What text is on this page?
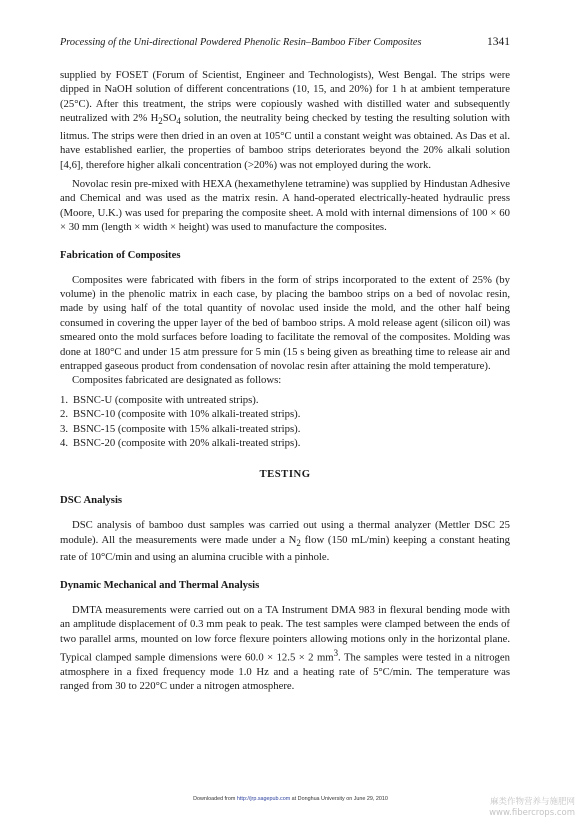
Processing of the Uni-directional Powdered Phenolic Resin–Bamboo Fiber Composites	1341

supplied by FOSET (Forum of Scientist, Engineer and Technologists), West Bengal. The strips were dipped in NaOH solution of different concentrations (10, 15, and 20%) for 1 h at ambient temperature (25°C). After this treatment, the strips were copiously washed with distilled water and subsequently neutralized with 2% $H_2SO_4$ solution, the neutrality being checked by testing the resulting solution with litmus. The strips were then dried in an oven at 105°C until a constant weight was obtained. As Das et al. have established earlier, the properties of bamboo strips deteriorates beyond the 20% alkali solution [4,6], therefore higher alkali concentration (>20%) was not employed during the work.

Novolac resin pre-mixed with HEXA (hexamethylene tetramine) was supplied by Hindustan Adhesive and Chemical and was used as the matrix resin. A hand-operated electrically-heated hydraulic press (Moore, U.K.) was used for preparing the composite sheet. A mold with internal dimensions of 100 × 60 × 30 mm (length × width × height) was used to manufacture the composites.

Fabrication of Composites

Composites were fabricated with fibers in the form of strips incorporated to the extent of 25% (by volume) in the phenolic matrix in each case, by placing the bamboo strips on a bed of novolac resin, made by using half of the total quantity of novolac used inside the mold, and the other half being consumed in covering the upper layer of the bed of bamboo strips. A mold release agent (silicon oil) was smeared onto the mold surfaces before loading to facilitate the removal of the composites. Molding was done at 180°C and under 15 atm pressure for 5 min (15 s being given as breathing time to release air and entrapped gaseous product from condensation of novolac resin after attaining the mold temperature).

Composites fabricated are designated as follows:

1. BSNC-U (composite with untreated strips).
2. BSNC-10 (composite with 10% alkali-treated strips).
3. BSNC-15 (composite with 15% alkali-treated strips).
4. BSNC-20 (composite with 20% alkali-treated strips).
TESTING
DSC Analysis

DSC analysis of bamboo dust samples was carried out using a thermal analyzer (Mettler DSC 25 module). All the measurements were made under a $N_2$ flow (150 mL/min) keeping a constant heating rate of 10°C/min and using an alumina crucible with a pinhole.

Dynamic Mechanical and Thermal Analysis

DMTA measurements were carried out on a TA Instrument DMA 983 in flexural bending mode with an amplitude displacement of 0.3 mm peak to peak. The test samples were clamped between the ends of two parallel arms, mounted on low force flexure pointers allowing motions only in the horizontal plane. Typical clamped sample dimensions were 60.0 × 12.5 × 2 $mm^3$. The samples were tested in a nitrogen atmosphere in a fixed frequency mode 1.0 Hz and a heating rate of 5°C/min. The temperature was ranged from 30 to 220°C under a nitrogen atmosphere.

Downloaded from http://jrp.sagepub.com at Donghua University on June 29, 2010	麻类作物营养与施肥网
www.fibercrops.com
